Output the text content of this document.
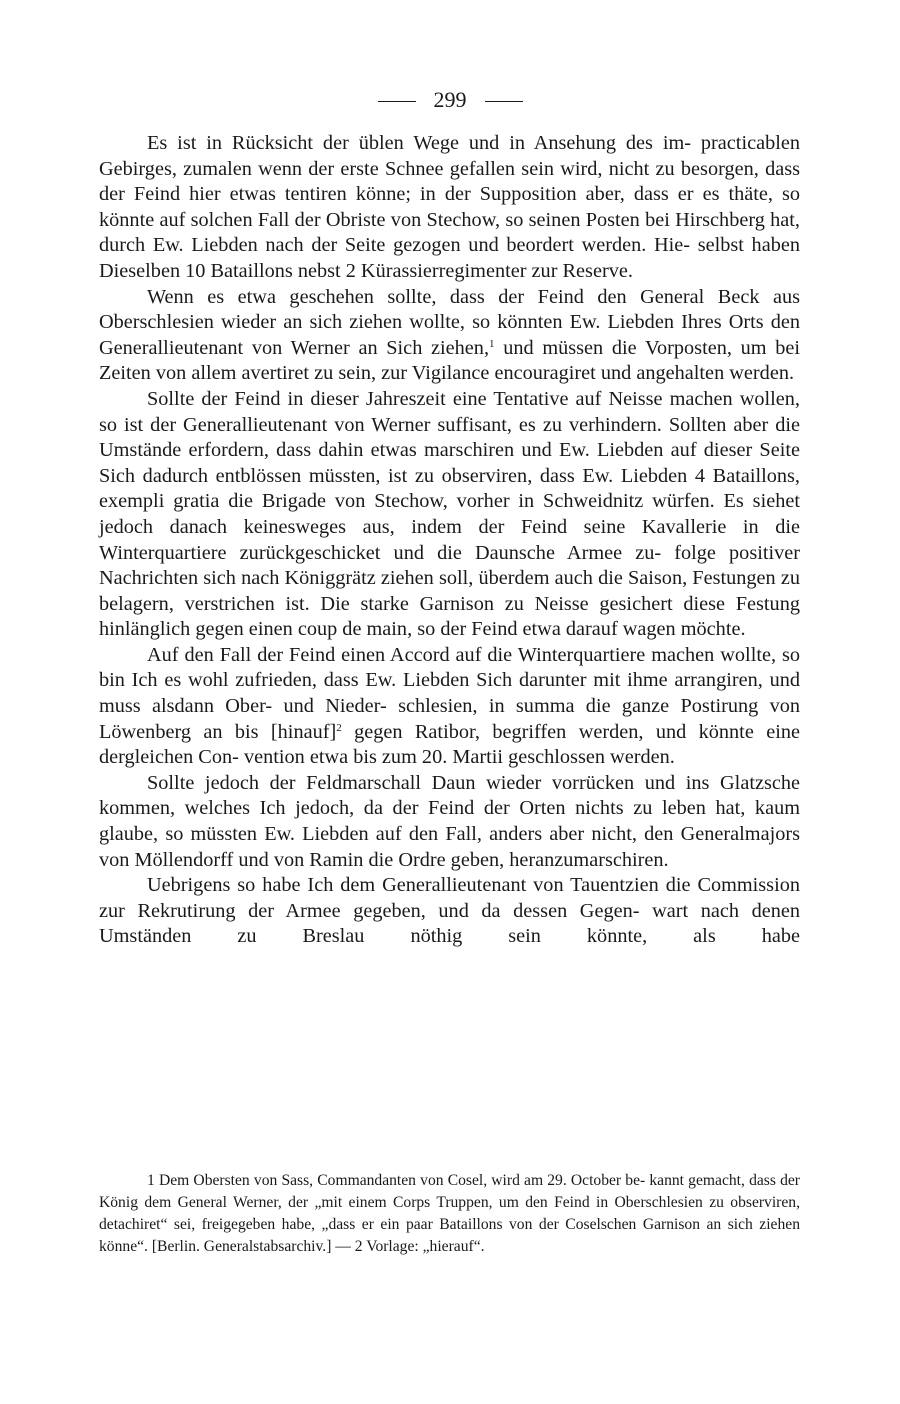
299

Es ist in Rücksicht der üblen Wege und in Ansehung des im- practicablen Gebirges, zumalen wenn der erste Schnee gefallen sein wird, nicht zu besorgen, dass der Feind hier etwas tentiren könne; in der Supposition aber, dass er es thäte, so könnte auf solchen Fall der Obriste von Stechow, so seinen Posten bei Hirschberg hat, durch Ew. Liebden nach der Seite gezogen und beordert werden. Hie- selbst haben Dieselben 10 Bataillons nebst 2 Kürassierregimenter zur Reserve.

Wenn es etwa geschehen sollte, dass der Feind den General Beck aus Oberschlesien wieder an sich ziehen wollte, so könnten Ew. Liebden Ihres Orts den Generallieutenant von Werner an Sich ziehen,$^1$ und müssen die Vorposten, um bei Zeiten von allem avertiret zu sein, zur Vigilance encouragiret und angehalten werden.

Sollte der Feind in dieser Jahreszeit eine Tentative auf Neisse machen wollen, so ist der Generallieutenant von Werner suffisant, es zu verhindern. Sollten aber die Umstände erfordern, dass dahin etwas marschiren und Ew. Liebden auf dieser Seite Sich dadurch entblössen müssten, ist zu observiren, dass Ew. Liebden 4 Bataillons, exempli gratia die Brigade von Stechow, vorher in Schweidnitz würfen. Es siehet jedoch danach keinesweges aus, indem der Feind seine Kavallerie in die Winterquartiere zurückgeschicket und die Daunsche Armee zu- folge positiver Nachrichten sich nach Königgrätz ziehen soll, überdem auch die Saison, Festungen zu belagern, verstrichen ist. Die starke Garnison zu Neisse gesichert diese Festung hinlänglich gegen einen coup de main, so der Feind etwa darauf wagen möchte.

Auf den Fall der Feind einen Accord auf die Winterquartiere machen wollte, so bin Ich es wohl zufrieden, dass Ew. Liebden Sich darunter mit ihme arrangiren, und muss alsdann Ober- und Nieder- schlesien, in summa die ganze Postirung von Löwenberg an bis [hinauf]$^2$ gegen Ratibor, begriffen werden, und könnte eine dergleichen Con- vention etwa bis zum 20. Martii geschlossen werden.

Sollte jedoch der Feldmarschall Daun wieder vorrücken und ins Glatzsche kommen, welches Ich jedoch, da der Feind der Orten nichts zu leben hat, kaum glaube, so müssten Ew. Liebden auf den Fall, anders aber nicht, den Generalmajors von Möllendorff und von Ramin die Ordre geben, heranzumarschiren.

Uebrigens so habe Ich dem Generallieutenant von Tauentzien die Commission zur Rekrutirung der Armee gegeben, und da dessen Gegen- wart nach denen Umständen zu Breslau nöthig sein könnte, als habe

1 Dem Obersten von Sass, Commandanten von Cosel, wird am 29. October be- kannt gemacht, dass der König dem General Werner, der „mit einem Corps Truppen, um den Feind in Oberschlesien zu observiren, detachiret“ sei, freigegeben habe, „dass er ein paar Bataillons von der Coselschen Garnison an sich ziehen könne“. [Berlin. Generalstabsarchiv.] — 2 Vorlage: „hierauf“.
